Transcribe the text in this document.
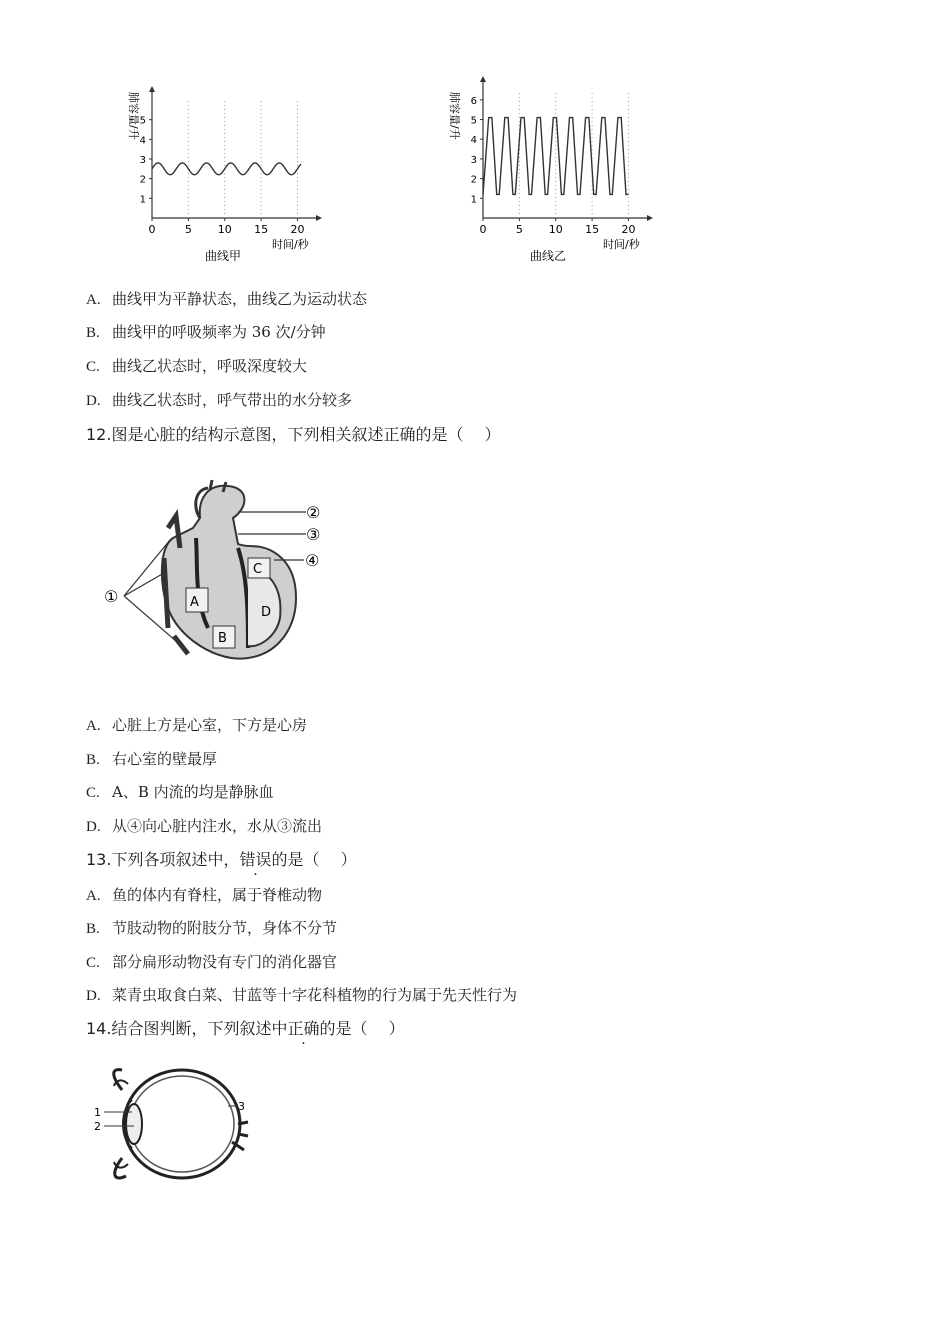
0	5 10 15 20
1
2
3
4
5
肺容量/升
时间/秒
曲线甲
0	5 10 15 20
1
2
3
4
5
6
肺容量/升
时间/秒
曲线乙
A. 曲线甲为平静状态，曲线乙为运动状态
B. 曲线甲的呼吸频率为 36 次/分钟
C. 曲线乙状态时，呼吸深度较大
D. 曲线乙状态时，呼气带出的水分较多
12.图是心脏的结构示意图，下列相关叙述正确的是（　 ）
A
B
C
D
②
③
④
①
A. 心脏上方是心室，下方是心房
B. 右心室的壁最厚
C. A、B 内流的均是静脉血
D. 从④向心脏内注水，水从③流出
13.下列各项叙述中，错误的是（　 ）
A. 鱼的体内有脊柱，属于脊椎动物
B. 节肢动物的附肢分节，身体不分节
C. 部分扁形动物没有专门的消化器官
D. 菜青虫取食白菜、甘蓝等十字花科植物的行为属于先天性行为
14.结合图判断，下列叙述中正确的是（　 ）
1
2
3
